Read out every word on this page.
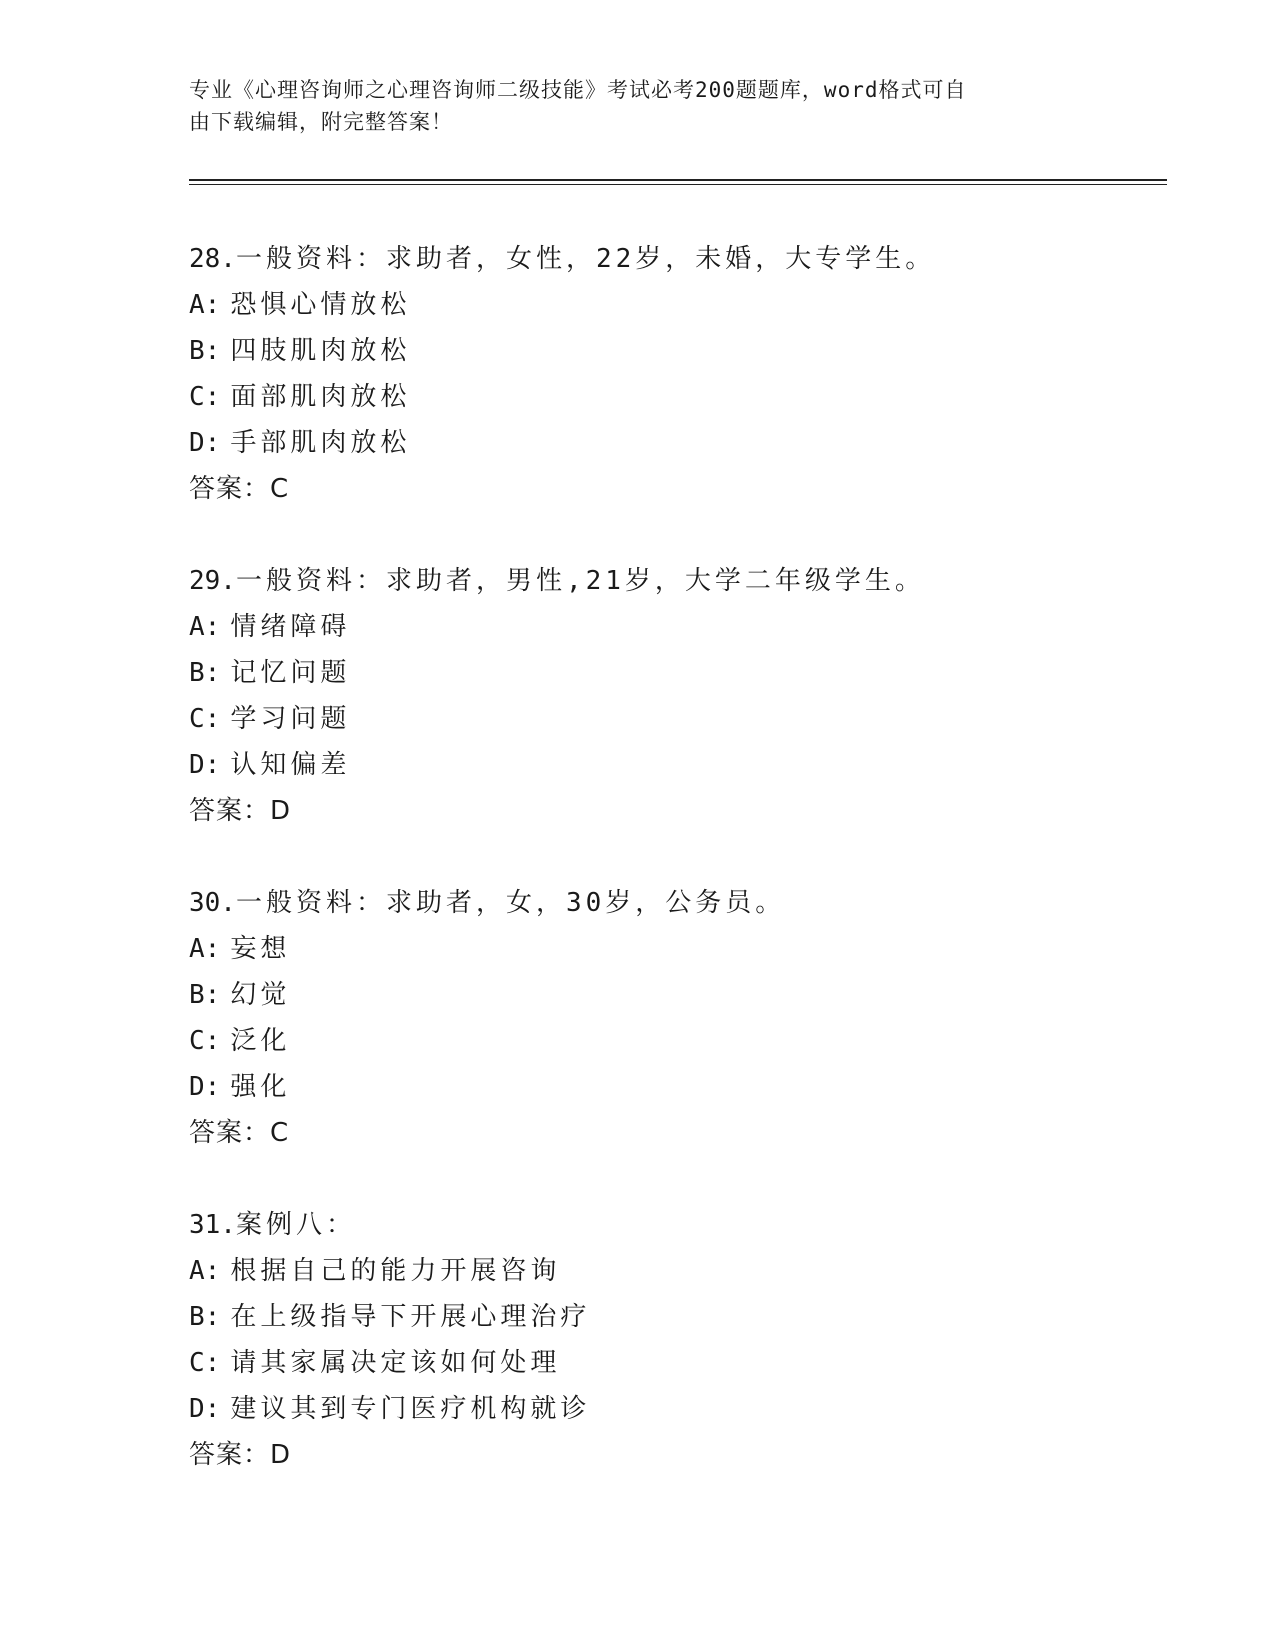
专业《心理咨询师之心理咨询师二级技能》考试必考200题题库，word格式可自
由下载编辑，附完整答案！
28.一般资料：求助者，女性，22岁，未婚，大专学生。
A: 恐惧心情放松
B: 四肢肌肉放松
C: 面部肌肉放松
D: 手部肌肉放松
答案：C
29.一般资料：求助者，男性,21岁，大学二年级学生。
A: 情绪障碍
B: 记忆问题
C: 学习问题
D: 认知偏差
答案：D
30.一般资料：求助者，女，30岁，公务员。
A: 妄想
B: 幻觉
C: 泛化
D: 强化
答案：C
31.案例八：
A: 根据自己的能力开展咨询
B: 在上级指导下开展心理治疗
C: 请其家属决定该如何处理
D: 建议其到专门医疗机构就诊
答案：D
